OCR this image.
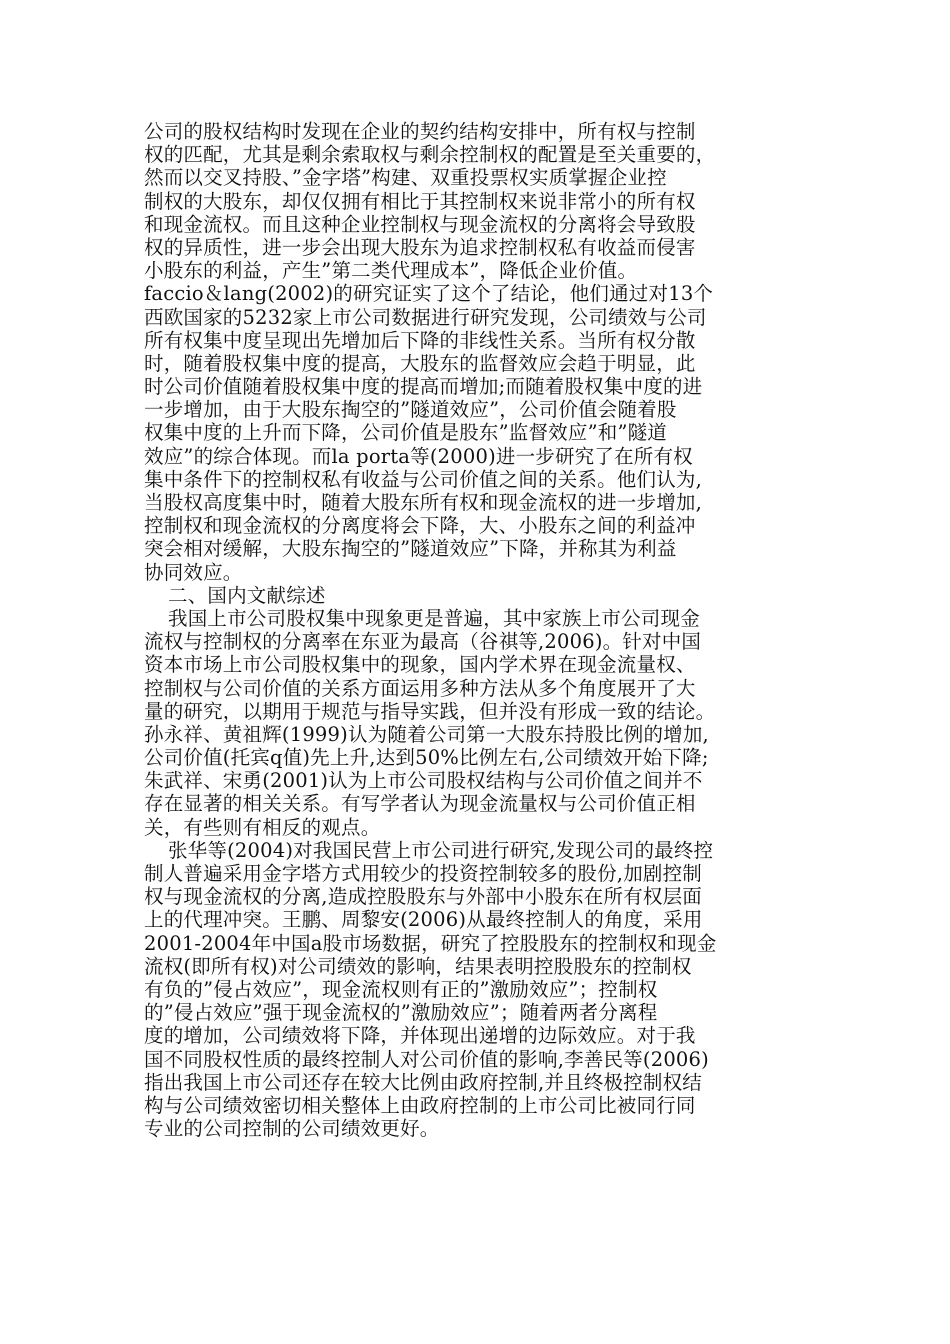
公司的股权结构时发现在企业的契约结构安排中，所有权与控制
权的匹配，尤其是剩余索取权与剩余控制权的配置是至关重要的，
然而以交叉持股、”金字塔”构建、双重投票权实质掌握企业控
制权的大股东，却仅仅拥有相比于其控制权来说非常小的所有权
和现金流权。而且这种企业控制权与现金流权的分离将会导致股
权的异质性，进一步会出现大股东为追求控制权私有收益而侵害
小股东的利益，产生”第二类代理成本”，降低企业价值。
faccio＆lang(2002)的研究证实了这个了结论，他们通过对13个
西欧国家的5232家上市公司数据进行研究发现，公司绩效与公司
所有权集中度呈现出先增加后下降的非线性关系。当所有权分散
时，随着股权集中度的提高，大股东的监督效应会趋于明显，此
时公司价值随着股权集中度的提高而增加;而随着股权集中度的进
一步增加，由于大股东掏空的”隧道效应”，公司价值会随着股
权集中度的上升而下降，公司价值是股东”监督效应”和”隧道
效应”的综合体现。而la porta等(2000)进一步研究了在所有权
集中条件下的控制权私有收益与公司价值之间的关系。他们认为,
当股权高度集中时，随着大股东所有权和现金流权的进一步增加,
控制权和现金流权的分离度将会下降，大、小股东之间的利益冲
突会相对缓解，大股东掏空的”隧道效应”下降，并称其为利益
协同效应。
二、国内文献综述
我国上市公司股权集中现象更是普遍，其中家族上市公司现金
流权与控制权的分离率在东亚为最高（谷祺等,2006)。针对中国
资本市场上市公司股权集中的现象，国内学术界在现金流量权、
控制权与公司价值的关系方面运用多种方法从多个角度展开了大
量的研究，以期用于规范与指导实践，但并没有形成一致的结论。
孙永祥、黄祖辉(1999)认为随着公司第一大股东持股比例的增加,
公司价值(托宾q值)先上升,达到50%比例左右,公司绩效开始下降;
朱武祥、宋勇(2001)认为上市公司股权结构与公司价值之间并不
存在显著的相关关系。有写学者认为现金流量权与公司价值正相
关，有些则有相反的观点。
张华等(2004)对我国民营上市公司进行研究,发现公司的最终控
制人普遍采用金字塔方式用较少的投资控制较多的股份,加剧控制
权与现金流权的分离,造成控股股东与外部中小股东在所有权层面
上的代理冲突。王鹏、周黎安(2006)从最终控制人的角度，采用
2001-2004年中国a股市场数据，研究了控股股东的控制权和现金
流权(即所有权)对公司绩效的影响，结果表明控股股东的控制权
有负的”侵占效应”，现金流权则有正的”激励效应”；控制权
的”侵占效应”强于现金流权的”激励效应”；随着两者分离程
度的增加，公司绩效将下降，并体现出递增的边际效应。对于我
国不同股权性质的最终控制人对公司价值的影响,李善民等(2006)
指出我国上市公司还存在较大比例由政府控制,并且终极控制权结
构与公司绩效密切相关整体上由政府控制的上市公司比被同行同
专业的公司控制的公司绩效更好。
